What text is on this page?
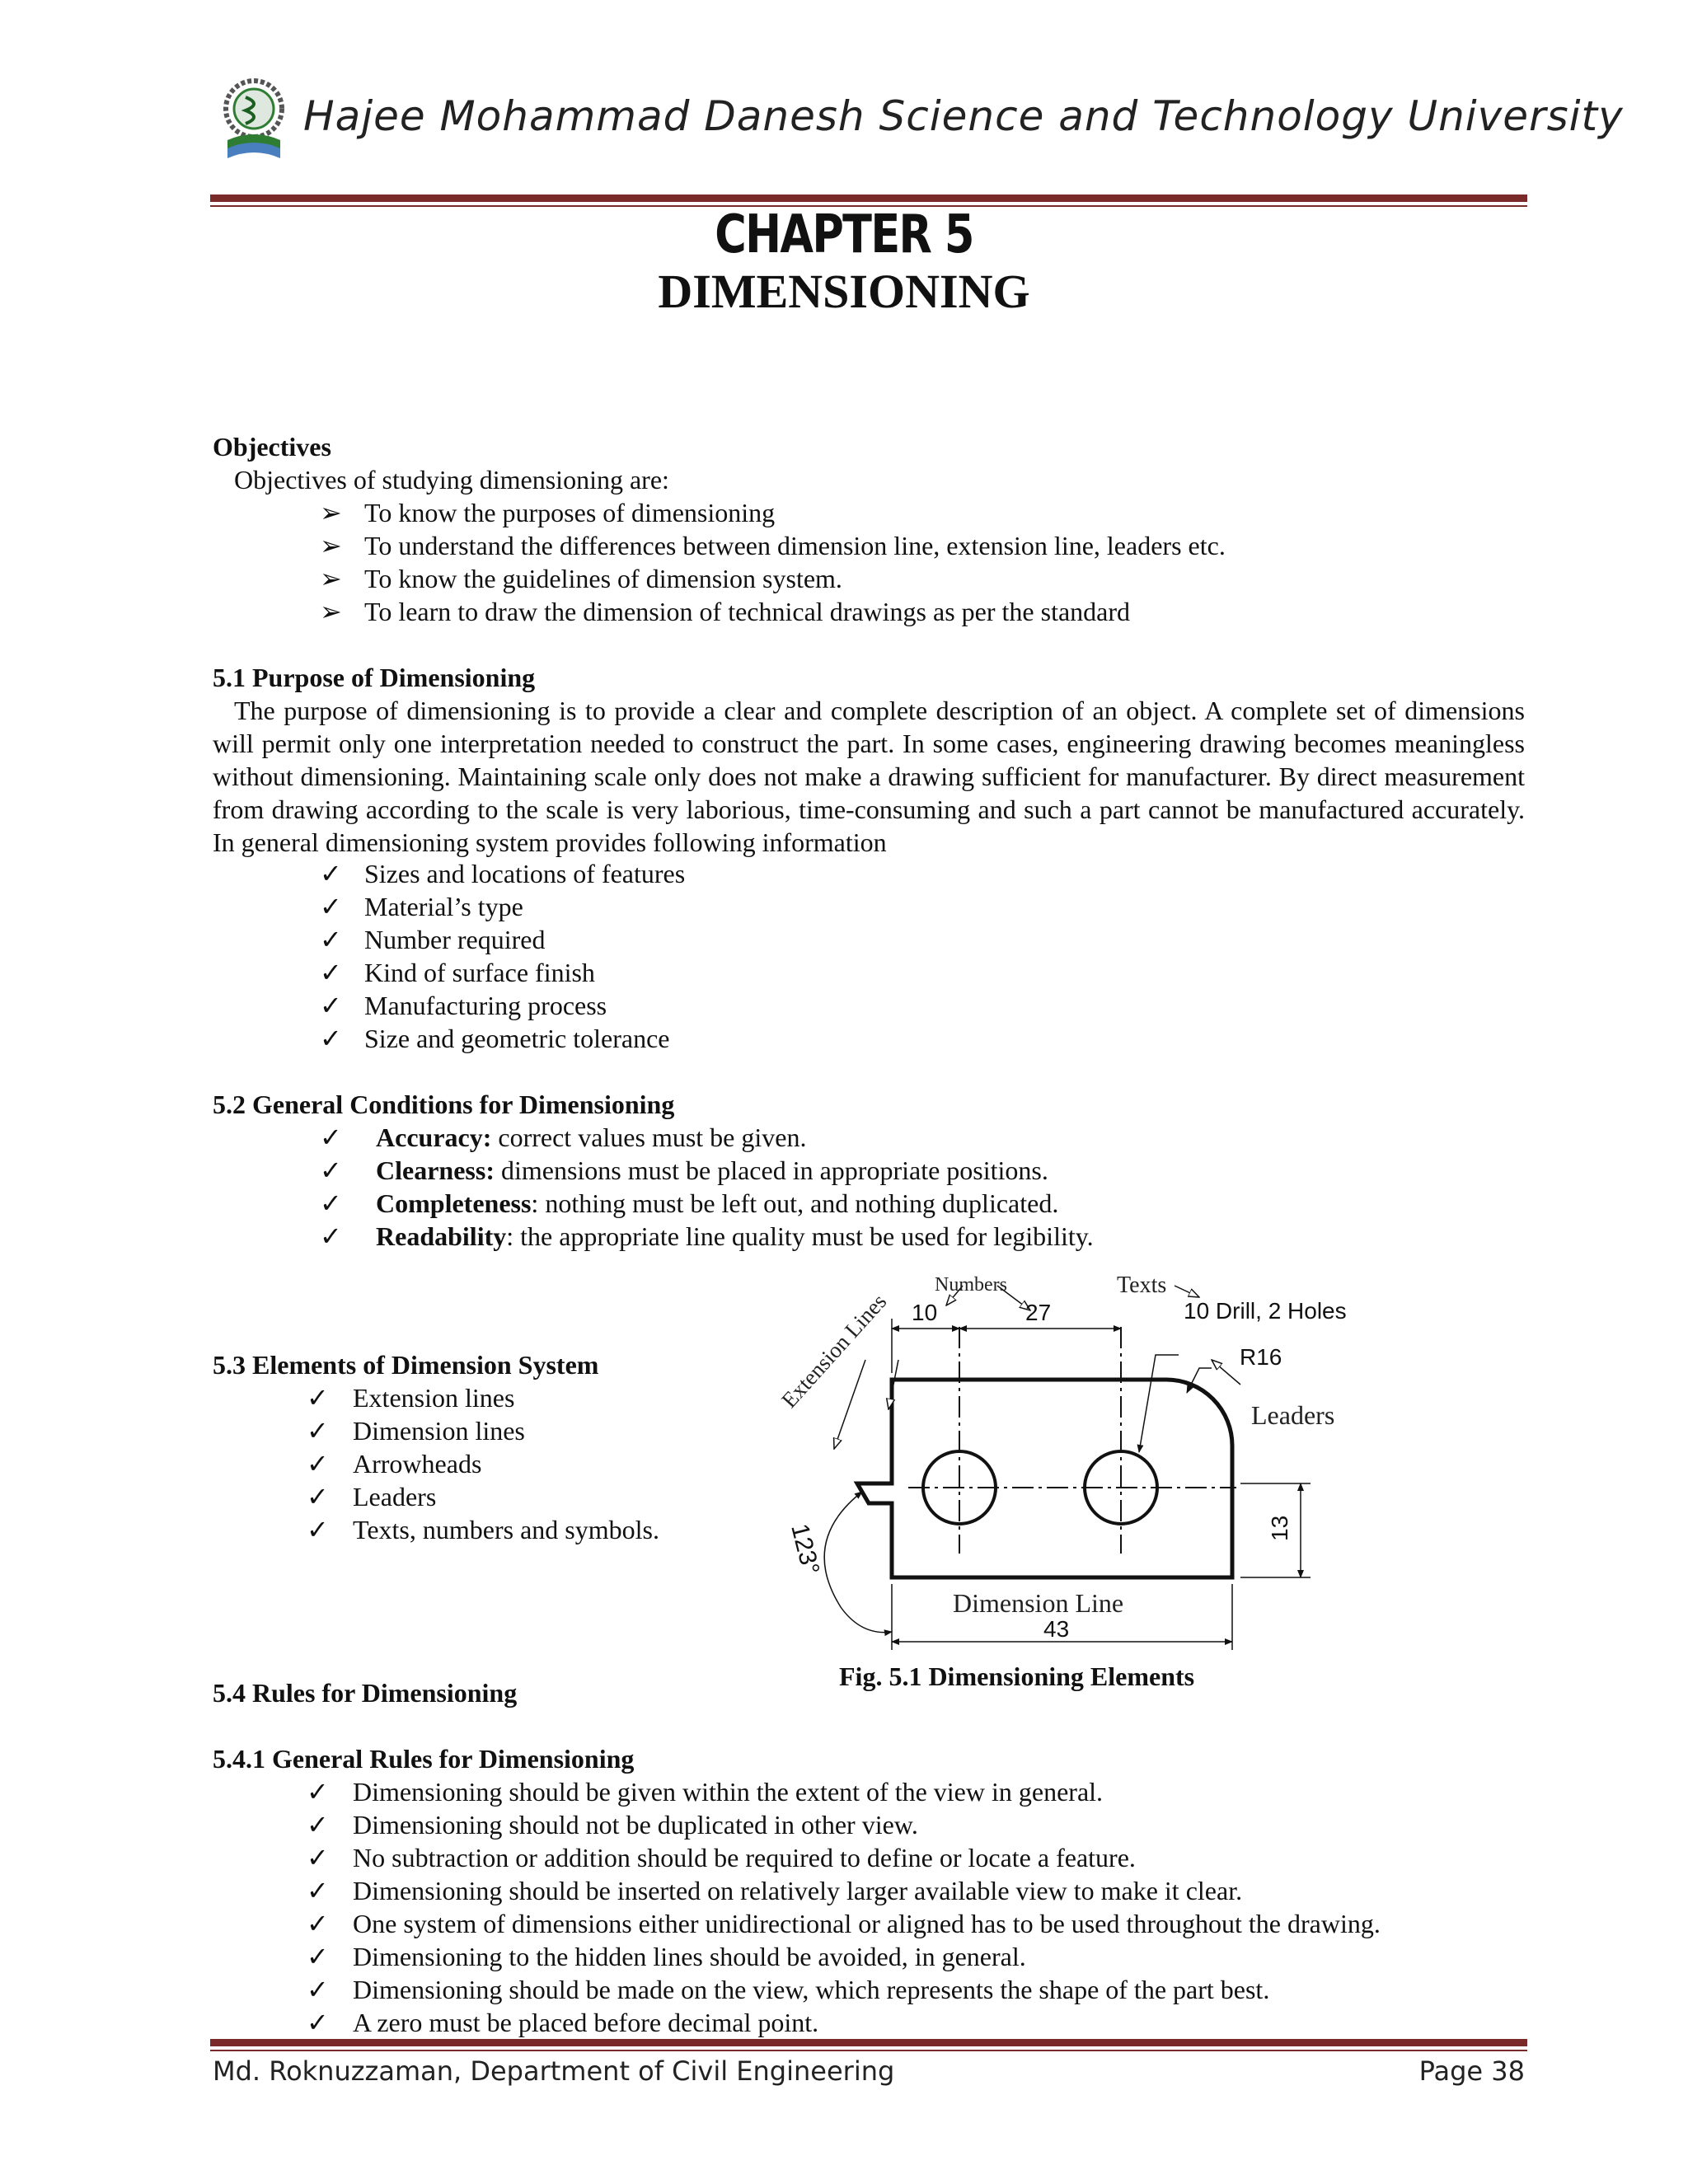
Hajee Mohammad Danesh Science and Technology University
CHAPTER 5
DIMENSIONING
Objectives
Objectives of studying dimensioning are:
➢ To know the purposes of dimensioning
➢ To understand the differences between dimension line, extension line, leaders etc.
➢ To know the guidelines of dimension system.
➢ To learn to draw the dimension of technical drawings as per the standard
5.1 Purpose of Dimensioning
The purpose of dimensioning is to provide a clear and complete description of an object. A complete set of dimensions will permit only one interpretation needed to construct the part. In some cases, engineering drawing becomes meaningless without dimensioning. Maintaining scale only does not make a drawing sufficient for manufacturer. By direct measurement from drawing according to the scale is very laborious, time-consuming and such a part cannot be manufactured accurately. In general dimensioning system provides following information
✓ Sizes and locations of features
✓ Material’s type
✓ Number required
✓ Kind of surface finish
✓ Manufacturing process
✓ Size and geometric tolerance
5.2 General Conditions for Dimensioning
✓	Accuracy: correct values must be given.
✓	Clearness: dimensions must be placed in appropriate positions.
✓	Completeness: nothing must be left out, and nothing duplicated.
✓	Readability: the appropriate line quality must be used for legibility.
5.3 Elements of Dimension System
✓ Extension lines
✓ Dimension lines
✓ Arrowheads
✓ Leaders
✓ Texts, numbers and symbols.
Numbers	Texts
Extension Lines 10	27	10 Drill, 2 Holes
R16
Leaders
13
123°
Dimension Line
43
Fig. 5.1 Dimensioning Elements
5.4 Rules for Dimensioning
5.4.1 General Rules for Dimensioning
✓ Dimensioning should be given within the extent of the view in general.
✓ Dimensioning should not be duplicated in other view.
✓ No subtraction or addition should be required to define or locate a feature.
✓ Dimensioning should be inserted on relatively larger available view to make it clear.
✓ One system of dimensions either unidirectional or aligned has to be used throughout the drawing.
✓ Dimensioning to the hidden lines should be avoided, in general.
✓ Dimensioning should be made on the view, which represents the shape of the part best.
✓ A zero must be placed before decimal point.
Md. Roknuzzaman, Department of Civil Engineering	Page 38
